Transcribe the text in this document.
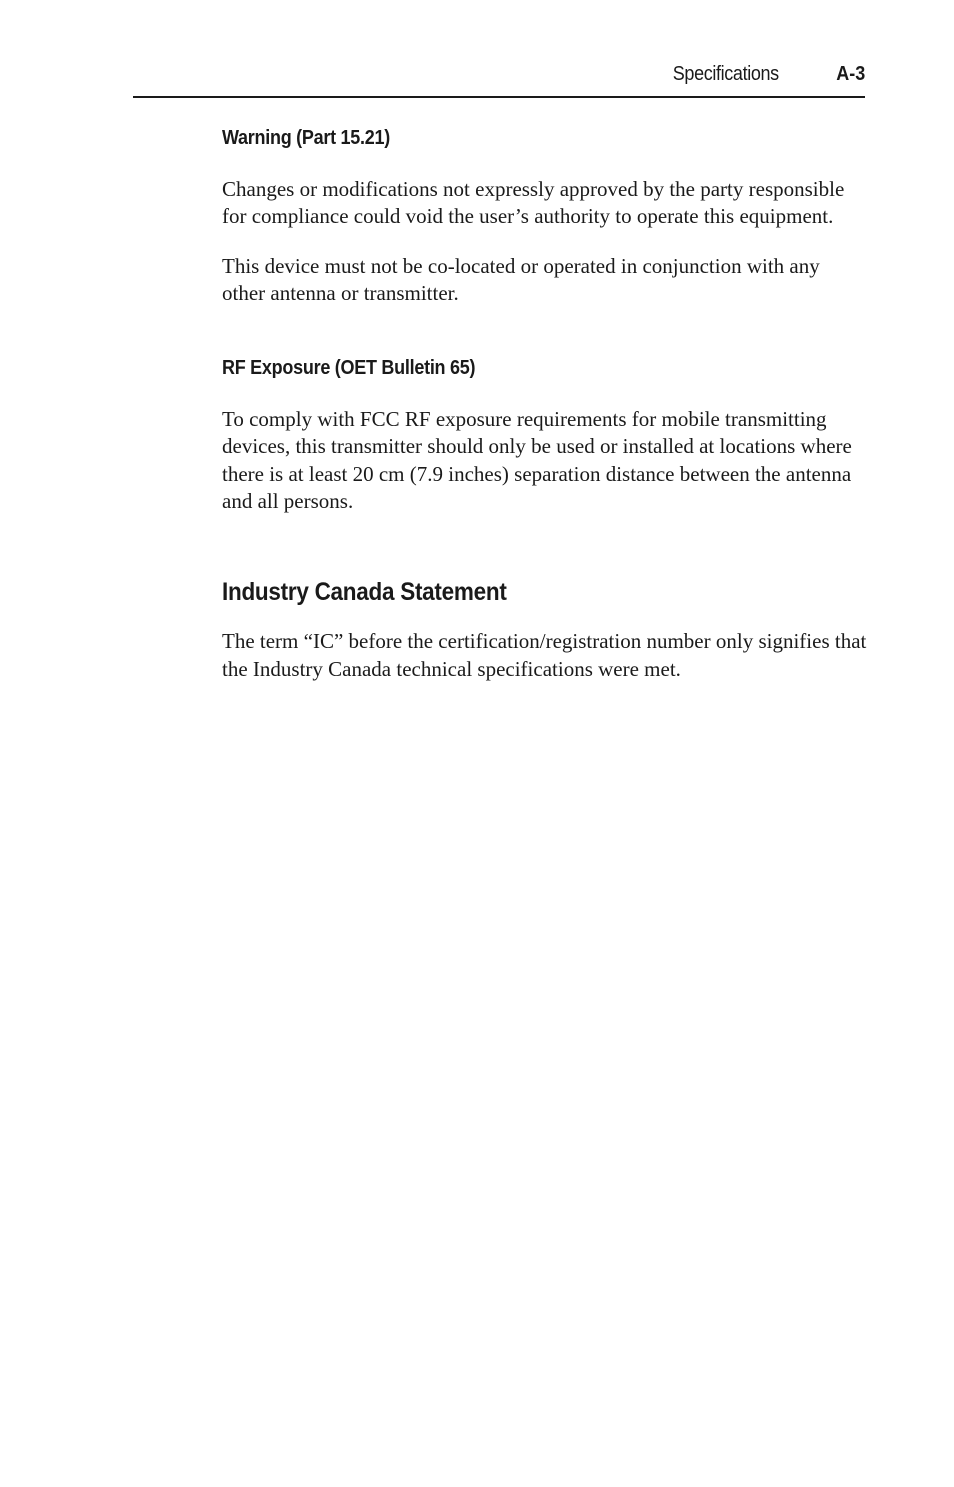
Specifications	A-3
Warning (Part 15.21)

Changes or modifications not expressly approved by the party responsible for compliance could void the user’s authority to operate this equipment.

This device must not be co-located or operated in conjunction with any other antenna or transmitter.

RF Exposure (OET Bulletin 65)

To comply with FCC RF exposure requirements for mobile transmitting devices, this transmitter should only be used or installed at locations where there is at least 20 cm (7.9 inches) separation distance between the antenna and all persons.

Industry Canada Statement

The term “IC” before the certification/registration number only signifies that the Industry Canada technical specifications were met.
